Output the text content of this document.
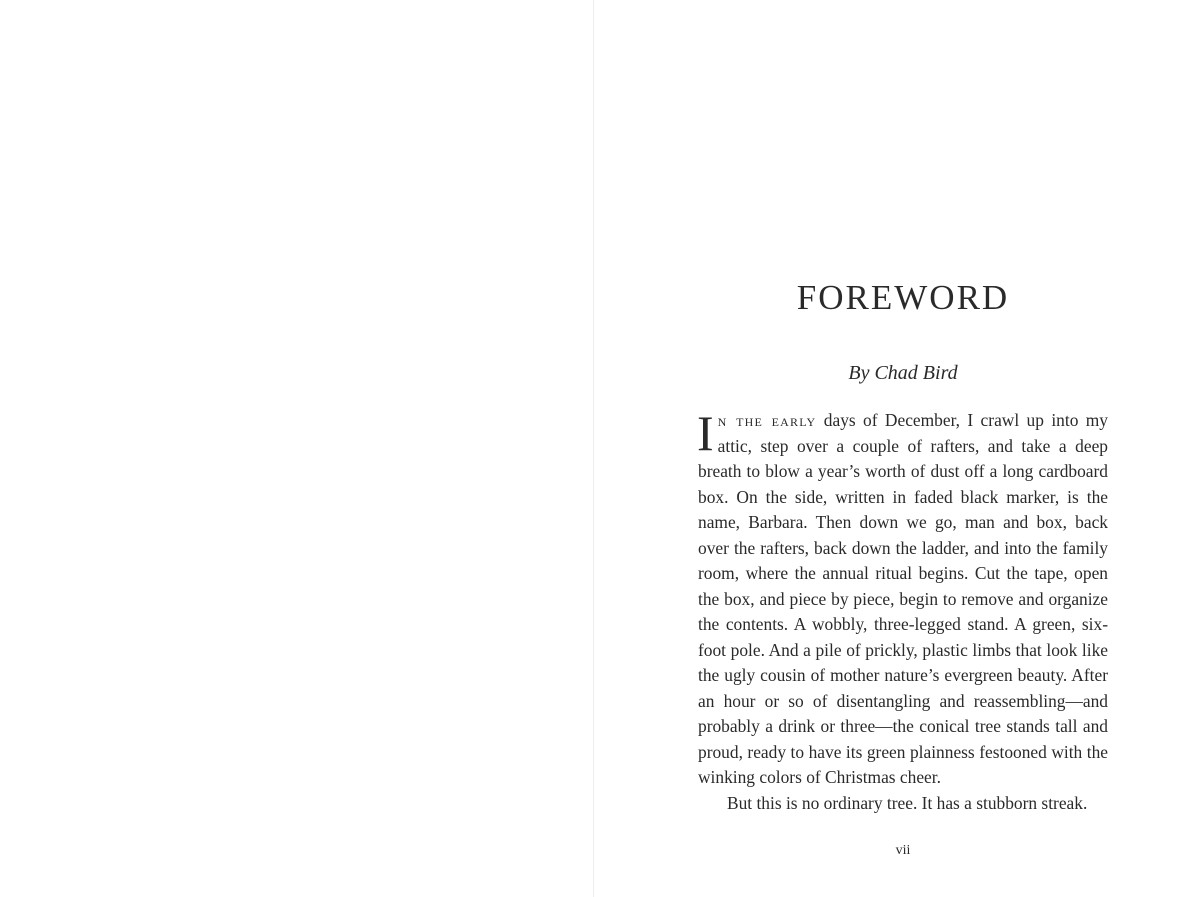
FOREWORD
By Chad Bird

In the early days of December, I crawl up into my attic, step over a couple of rafters, and take a deep breath to blow a year’s worth of dust off a long cardboard box. On the side, written in faded black marker, is the name, Barbara. Then down we go, man and box, back over the rafters, back down the ladder, and into the family room, where the annual ritual begins. Cut the tape, open the box, and piece by piece, begin to remove and organize the contents. A wobbly, three-legged stand. A green, six-foot pole. And a pile of prickly, plastic limbs that look like the ugly cousin of mother nature’s evergreen beauty. After an hour or so of disentangling and reassembling—and probably a drink or three—the conical tree stands tall and proud, ready to have its green plainness festooned with the winking colors of Christmas cheer.

But this is no ordinary tree. It has a stubborn streak.

vii
